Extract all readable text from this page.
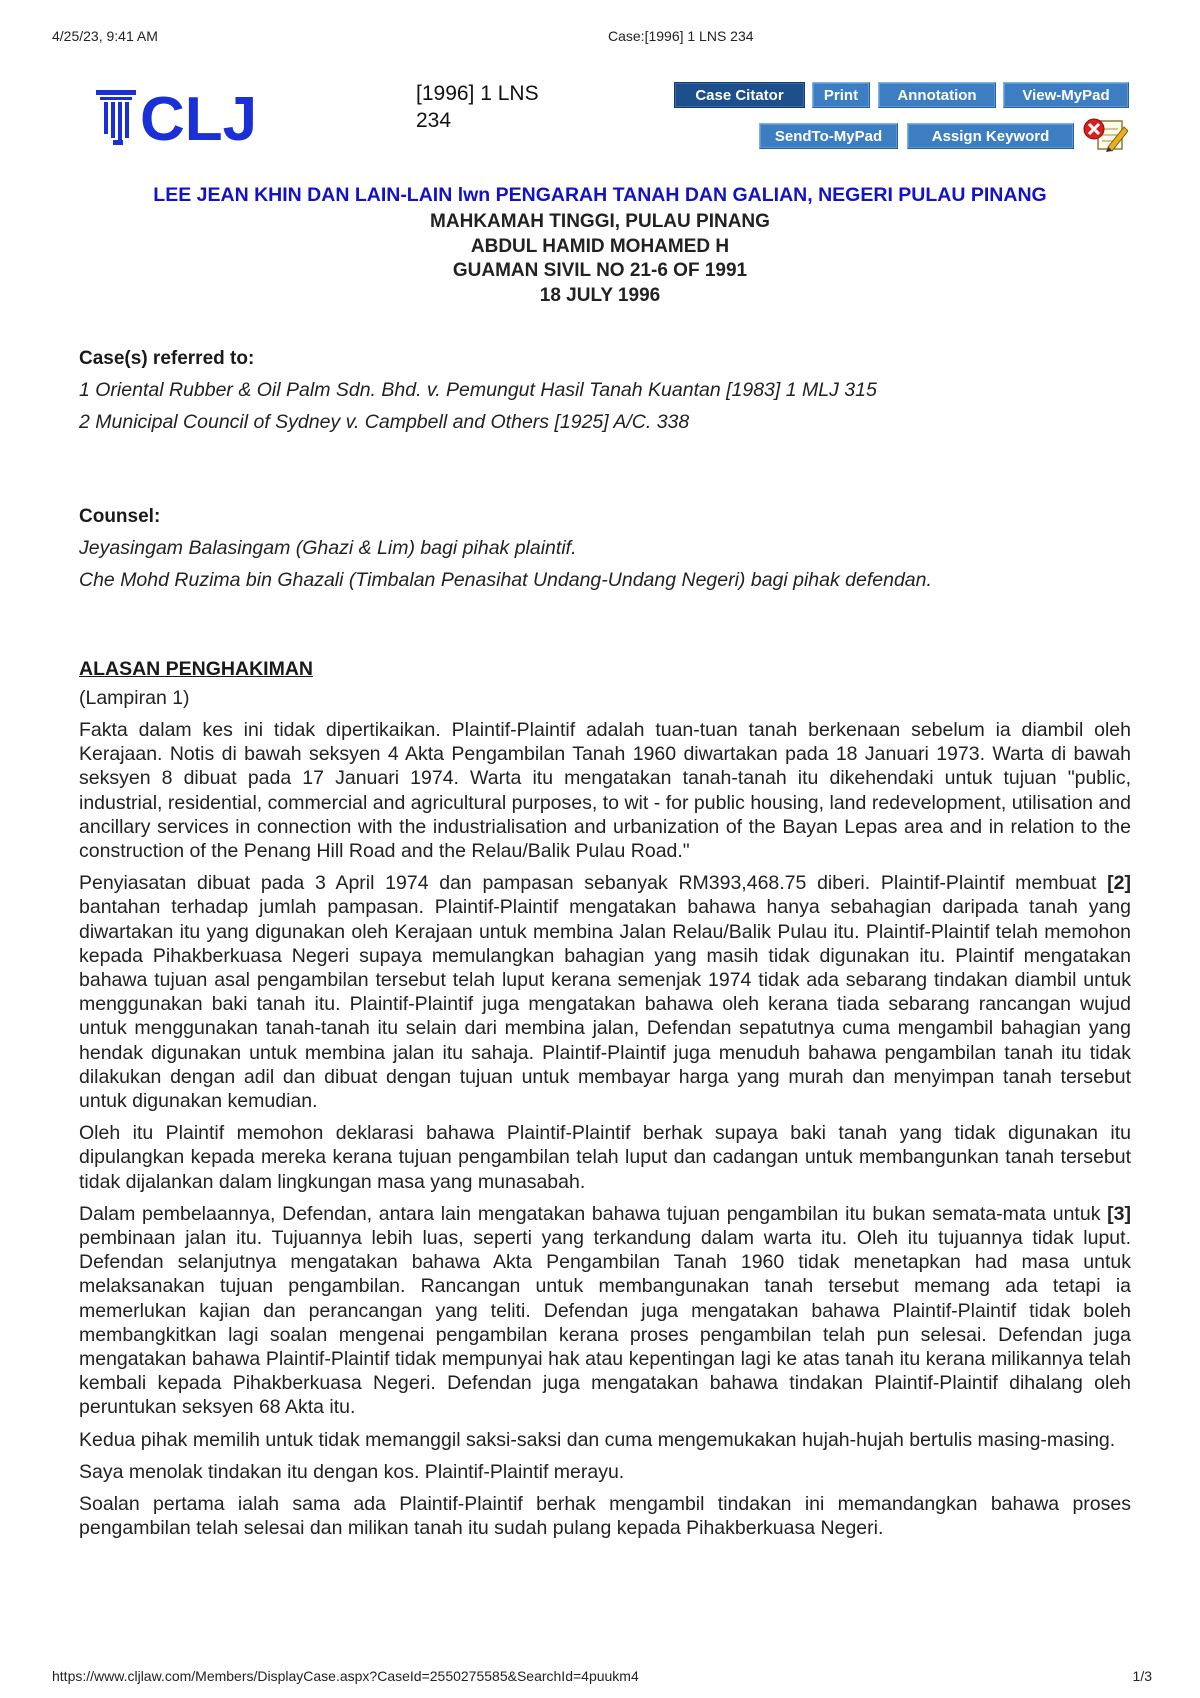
4/25/23, 9:41 AM	Case:[1996] 1 LNS 234
CLJ	[1996] 1 LNS
234
Case Citator	Print	Annotation	View-MyPad
SendTo-MyPad	Assign Keyword
LEE JEAN KHIN DAN LAIN-LAIN lwn PENGARAH TANAH DAN GALIAN, NEGERI PULAU PINANG
MAHKAMAH TINGGI, PULAU PINANG
ABDUL HAMID MOHAMED H
GUAMAN SIVIL NO 21-6 OF 1991
18 JULY 1996

Case(s) referred to:

1 Oriental Rubber & Oil Palm Sdn. Bhd. v. Pemungut Hasil Tanah Kuantan [1983] 1 MLJ 315

2 Municipal Council of Sydney v. Campbell and Others [1925] A/C. 338

Counsel:

Jeyasingam Balasingam (Ghazi & Lim) bagi pihak plaintif.

Che Mohd Ruzima bin Ghazali (Timbalan Penasihat Undang-Undang Negeri) bagi pihak defendan.

ALASAN PENGHAKIMAN

(Lampiran 1)

Fakta dalam kes ini tidak dipertikaikan. Plaintif-Plaintif adalah tuan-tuan tanah berkenaan sebelum ia diambil oleh Kerajaan. Notis di bawah seksyen 4 Akta Pengambilan Tanah 1960 diwartakan pada 18 Januari 1973. Warta di bawah seksyen 8 dibuat pada 17 Januari 1974. Warta itu mengatakan tanah-tanah itu dikehendaki untuk tujuan "public, industrial, residential, commercial and agricultural purposes, to wit - for public housing, land redevelopment, utilisation and ancillary services in connection with the industrialisation and urbanization of the Bayan Lepas area and in relation to the construction of the Penang Hill Road and the Relau/Balik Pulau Road."

Penyiasatan dibuat pada 3 April 1974 dan pampasan sebanyak RM393,468.75 diberi. Plaintif-Plaintif membuat [2] bantahan terhadap jumlah pampasan. Plaintif-Plaintif mengatakan bahawa hanya sebahagian daripada tanah yang diwartakan itu yang digunakan oleh Kerajaan untuk membina Jalan Relau/Balik Pulau itu. Plaintif-Plaintif telah memohon kepada Pihakberkuasa Negeri supaya memulangkan bahagian yang masih tidak digunakan itu. Plaintif mengatakan bahawa tujuan asal pengambilan tersebut telah luput kerana semenjak 1974 tidak ada sebarang tindakan diambil untuk menggunakan baki tanah itu. Plaintif-Plaintif juga mengatakan bahawa oleh kerana tiada sebarang rancangan wujud untuk menggunakan tanah-tanah itu selain dari membina jalan, Defendan sepatutnya cuma mengambil bahagian yang hendak digunakan untuk membina jalan itu sahaja. Plaintif-Plaintif juga menuduh bahawa pengambilan tanah itu tidak dilakukan dengan adil dan dibuat dengan tujuan untuk membayar harga yang murah dan menyimpan tanah tersebut untuk digunakan kemudian.

Oleh itu Plaintif memohon deklarasi bahawa Plaintif-Plaintif berhak supaya baki tanah yang tidak digunakan itu dipulangkan kepada mereka kerana tujuan pengambilan telah luput dan cadangan untuk membangunkan tanah tersebut tidak dijalankan dalam lingkungan masa yang munasabah.

Dalam pembelaannya, Defendan, antara lain mengatakan bahawa tujuan pengambilan itu bukan semata-mata untuk [3] pembinaan jalan itu. Tujuannya lebih luas, seperti yang terkandung dalam warta itu. Oleh itu tujuannya tidak luput. Defendan selanjutnya mengatakan bahawa Akta Pengambilan Tanah 1960 tidak menetapkan had masa untuk melaksanakan tujuan pengambilan. Rancangan untuk membangunakan tanah tersebut memang ada tetapi ia memerlukan kajian dan perancangan yang teliti. Defendan juga mengatakan bahawa Plaintif-Plaintif tidak boleh membangkitkan lagi soalan mengenai pengambilan kerana proses pengambilan telah pun selesai. Defendan juga mengatakan bahawa Plaintif-Plaintif tidak mempunyai hak atau kepentingan lagi ke atas tanah itu kerana milikannya telah kembali kepada Pihakberkuasa Negeri. Defendan juga mengatakan bahawa tindakan Plaintif-Plaintif dihalang oleh peruntukan seksyen 68 Akta itu.

Kedua pihak memilih untuk tidak memanggil saksi-saksi dan cuma mengemukakan hujah-hujah bertulis masing-masing.

Saya menolak tindakan itu dengan kos. Plaintif-Plaintif merayu.

Soalan pertama ialah sama ada Plaintif-Plaintif berhak mengambil tindakan ini memandangkan bahawa proses pengambilan telah selesai dan milikan tanah itu sudah pulang kepada Pihakberkuasa Negeri.

https://www.cljlaw.com/Members/DisplayCase.aspx?CaseId=2550275585&SearchId=4puukm4	1/3
